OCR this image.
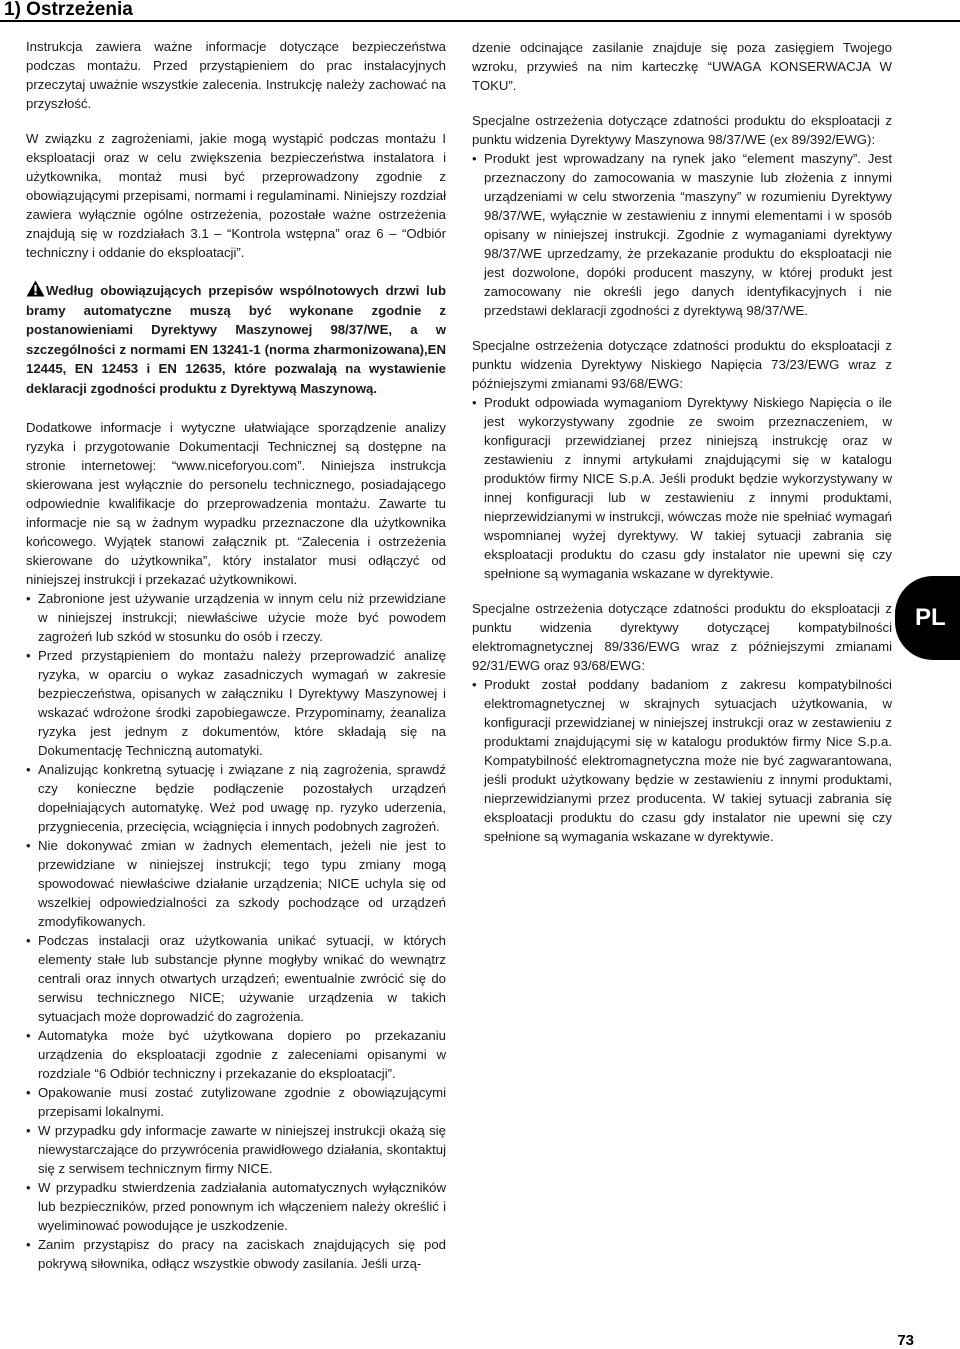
1) Ostrzeżenia

Instrukcja zawiera ważne informacje dotyczące bezpieczeństwa podczas montażu. Przed przystąpieniem do prac instalacyjnych przeczytaj uważnie wszystkie zalecenia. Instrukcję należy zachować na przyszłość.

W związku z zagrożeniami, jakie mogą wystąpić podczas montażu I eksploatacji oraz w celu zwiększenia bezpieczeństwa instalatora i użytkownika, montaż musi być przeprowadzony zgodnie z obowiązującymi przepisami, normami i regulaminami. Niniejszy rozdział zawiera wyłącznie ogólne ostrzeżenia, pozostałe ważne ostrzeżenia znajdują się w rozdziałach 3.1 – “Kontrola wstępna” oraz 6 – “Odbiór techniczny i oddanie do eksploatacji”.

Według obowiązujących przepisów wspólnotowych drzwi lub bramy automatyczne muszą być wykonane zgodnie z postanowieniami Dyrektywy Maszynowej 98/37/WE, a w szczególności z normami EN 13241-1 (norma zharmonizowana),EN 12445, EN 12453 i EN 12635, które pozwalają na wystawienie deklaracji zgodności produktu z Dyrektywą Maszynową.

Dodatkowe informacje i wytyczne ułatwiające sporządzenie analizy ryzyka i przygotowanie Dokumentacji Technicznej są dostępne na stronie internetowej: “www.niceforyou.com”. Niniejsza instrukcja skierowana jest wyłącznie do personelu technicznego, posiadającego odpowiednie kwalifikacje do przeprowadzenia montażu. Zawarte tu informacje nie są w żadnym wypadku przeznaczone dla użytkownika końcowego. Wyjątek stanowi załącznik pt. “Zalecenia i ostrzeżenia skierowane do użytkownika”, który instalator musi odłączyć od niniejszej instrukcji i przekazać użytkownikowi.

• Zabronione jest używanie urządzenia w innym celu niż przewidziane w niniejszej instrukcji; niewłaściwe użycie może być powodem zagrożeń lub szkód w stosunku do osób i rzeczy.
• Przed przystąpieniem do montażu należy przeprowadzić analizę ryzyka, w oparciu o wykaz zasadniczych wymagań w zakresie bezpieczeństwa, opisanych w załączniku I Dyrektywy Maszynowej i wskazać wdrożone środki zapobiegawcze. Przypominamy, żeanaliza ryzyka jest jednym z dokumentów, które składają się na Dokumentację Techniczną automatyki.
• Analizując konkretną sytuację i związane z nią zagrożenia, sprawdź czy konieczne będzie podłączenie pozostałych urządzeń dopełniających automatykę. Weź pod uwagę np. ryzyko uderzenia, przygniecenia, przecięcia, wciągnięcia i innych podobnych zagrożeń.
• Nie dokonywać zmian w żadnych elementach, jeżeli nie jest to przewidziane w niniejszej instrukcji; tego typu zmiany mogą spowodować niewłaściwe działanie urządzenia; NICE uchyla się od wszelkiej odpowiedzialności za szkody pochodzące od urządzeń zmodyfikowanych.
• Podczas instalacji oraz użytkowania unikać sytuacji, w których elementy stałe lub substancje płynne mogłyby wnikać do wewnątrz centrali oraz innych otwartych urządzeń; ewentualnie zwrócić się do serwisu technicznego NICE; używanie urządzenia w takich sytuacjach może doprowadzić do zagrożenia.
• Automatyka może być użytkowana dopiero po przekazaniu urządzenia do eksploatacji zgodnie z zaleceniami opisanymi w rozdziale “6 Odbiór techniczny i przekazanie do eksploatacji”.
• Opakowanie musi zostać zutylizowane zgodnie z obowiązującymi przepisami lokalnymi.
• W przypadku gdy informacje zawarte w niniejszej instrukcji okażą się niewystarczające do przywrócenia prawidłowego działania, skontaktuj się z serwisem technicznym firmy NICE.
• W przypadku stwierdzenia zadziałania automatycznych wyłączników lub bezpieczników, przed ponownym ich włączeniem należy określić i wyeliminować powodujące je uszkodzenie.
• Zanim przystąpisz do pracy na zaciskach znajdujących się pod pokrywą siłownika, odłącz wszystkie obwody zasilania. Jeśli urzą-

dzenie odcinające zasilanie znajduje się poza zasięgiem Twojego wzroku, przywieś na nim karteczkę “UWAGA KONSERWACJA W TOKU”.

Specjalne ostrzeżenia dotyczące zdatności produktu do eksploatacji z punktu widzenia Dyrektywy Maszynowa 98/37/WE (ex 89/392/EWG):

• Produkt jest wprowadzany na rynek jako “element maszyny”. Jest przeznaczony do zamocowania w maszynie lub złożenia z innymi urządzeniami w celu stworzenia “maszyny” w rozumieniu Dyrektywy 98/37/WE, wyłącznie w zestawieniu z innymi elementami i w sposób opisany w niniejszej instrukcji. Zgodnie z wymaganiami dyrektywy 98/37/WE uprzedzamy, że przekazanie produktu do eksploatacji nie jest dozwolone, dopóki producent maszyny, w której produkt jest zamocowany nie określi jego danych identyfikacyjnych i nie przedstawi deklaracji zgodności z dyrektywą 98/37/WE.

Specjalne ostrzeżenia dotyczące zdatności produktu do eksploatacji z punktu widzenia Dyrektywy Niskiego Napięcia 73/23/EWG wraz z późniejszymi zmianami 93/68/EWG:

• Produkt odpowiada wymaganiom Dyrektywy Niskiego Napięcia o ile jest wykorzystywany zgodnie ze swoim przeznaczeniem, w konfiguracji przewidzianej przez niniejszą instrukcję oraz w zestawieniu z innymi artykułami znajdującymi się w katalogu produktów firmy NICE S.p.A. Jeśli produkt będzie wykorzystywany w innej konfiguracji lub w zestawieniu z innymi produktami, nieprzewidzianymi w instrukcji, wówczas może nie spełniać wymagań wspomnianej wyżej dyrektywy. W takiej sytuacji zabrania się eksploatacji produktu do czasu gdy instalator nie upewni się czy spełnione są wymagania wskazane w dyrektywie.

Specjalne ostrzeżenia dotyczące zdatności produktu do eksploatacji z punktu widzenia dyrektywy dotyczącej kompatybilności elektromagnetycznej 89/336/EWG wraz z późniejszymi zmianami 92/31/EWG oraz 93/68/EWG:

• Produkt został poddany badaniom z zakresu kompatybilności elektromagnetycznej w skrajnych sytuacjach użytkowania, w konfiguracji przewidzianej w niniejszej instrukcji oraz w zestawieniu z produktami znajdującymi się w katalogu produktów firmy Nice S.p.a. Kompatybilność elektromagnetyczna może nie być zagwarantowana, jeśli produkt użytkowany będzie w zestawieniu z innymi produktami, nieprzewidzianymi przez producenta. W takiej sytuacji zabrania się eksploatacji produktu do czasu gdy instalator nie upewni się czy spełnione są wymagania wskazane w dyrektywie.
PL
73
